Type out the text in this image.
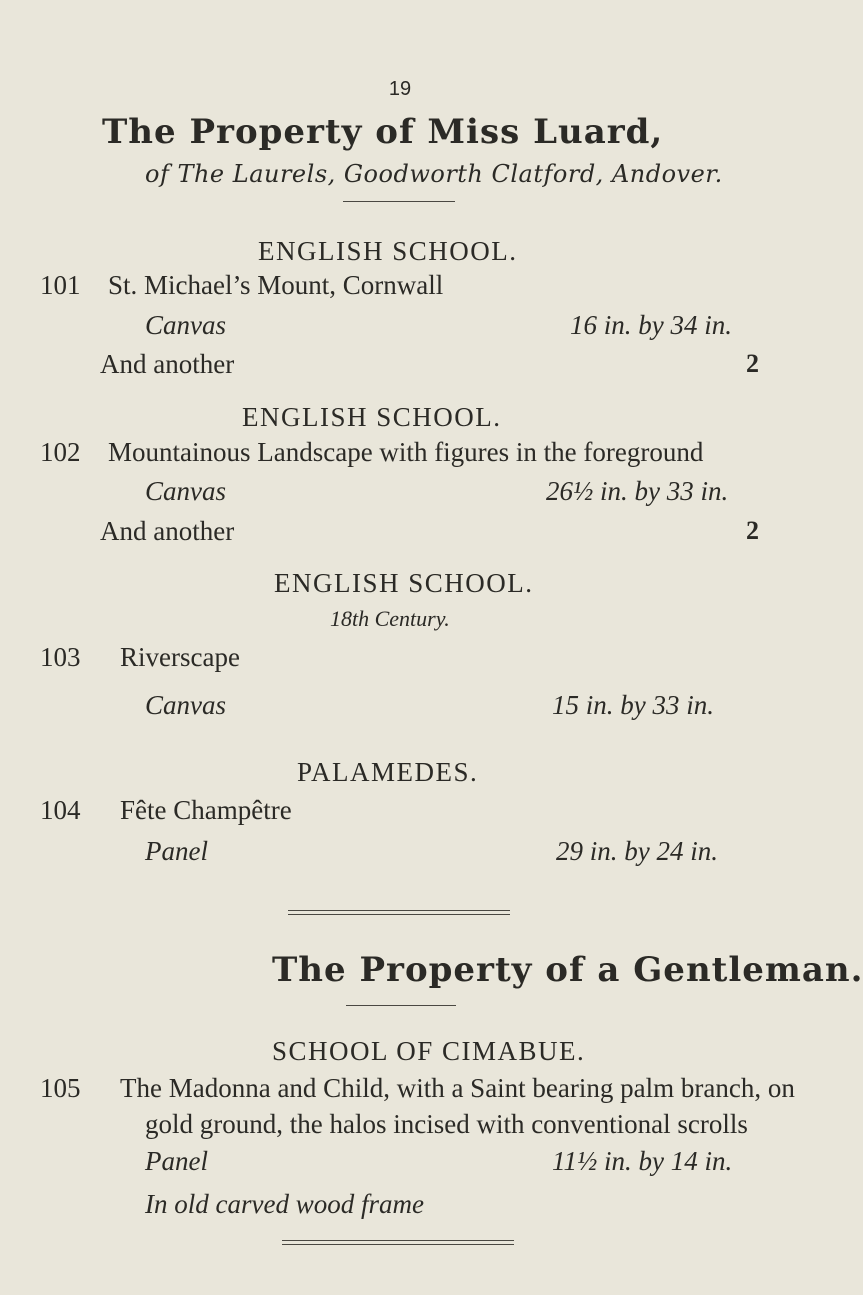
19
The Property of Miss Luard,
of The Laurels, Goodworth Clatford, Andover.
ENGLISH SCHOOL.
101 St. Michael’s Mount, Cornwall
Canvas	16 in. by 34 in.
And another	2
ENGLISH SCHOOL.
102 Mountainous Landscape with figures in the foreground
Canvas	26½ in. by 33 in.
And another	2
ENGLISH SCHOOL.
18th Century.
103 Riverscape
Canvas	15 in. by 33 in.
PALAMEDES.
104 Fête Champêtre
Panel	29 in. by 24 in.
The Property of a Gentleman.
SCHOOL OF CIMABUE.
105 The Madonna and Child, with a Saint bearing palm branch, on
gold ground, the halos incised with conventional scrolls
Panel	11½ in. by 14 in.
In old carved wood frame
